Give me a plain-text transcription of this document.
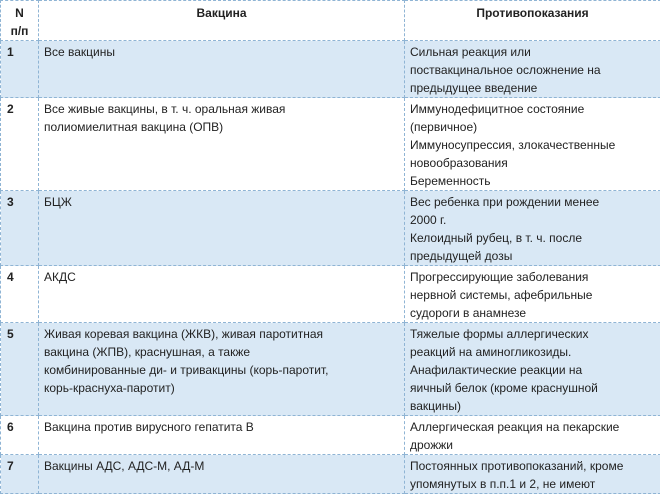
N
п/п	Вакцина	Противопоказания
1	Все вакцины	Сильная реакция или
поствакцинальное осложнение на
предыдущее введение

2	Все живые вакцины, в т. ч. оральная живая
полиомиелитная вакцина (ОПВ)	Иммунодефицитное состояние
(первичное)
Иммуносупрессия, злокачественные
новообразования
Беременность

3	БЦЖ	Вес ребенка при рождении менее
2000 г.
Келоидный рубец, в т. ч. после
предыдущей дозы

4	АКДС	Прогрессирующие заболевания
нервной системы, афебрильные
судороги в анамнезе

5	Живая коревая вакцина (ЖКВ), живая паротитная
вакцина (ЖПВ), краснушная, а также
комбинированные ди- и тривакцины (корь-паротит,
корь-краснуха-паротит)	Тяжелые формы аллергических
реакций на аминогликозиды.
Анафилактические реакции на
яичный белок (кроме краснушной
вакцины)

6	Вакцина против вирусного гепатита В	Аллергическая реакция на пекарские
дрожжи

7	Вакцины АДС, АДС-М, АД-М	Постоянных противопоказаний, кроме
упомянутых в п.п.1 и 2, не имеют
